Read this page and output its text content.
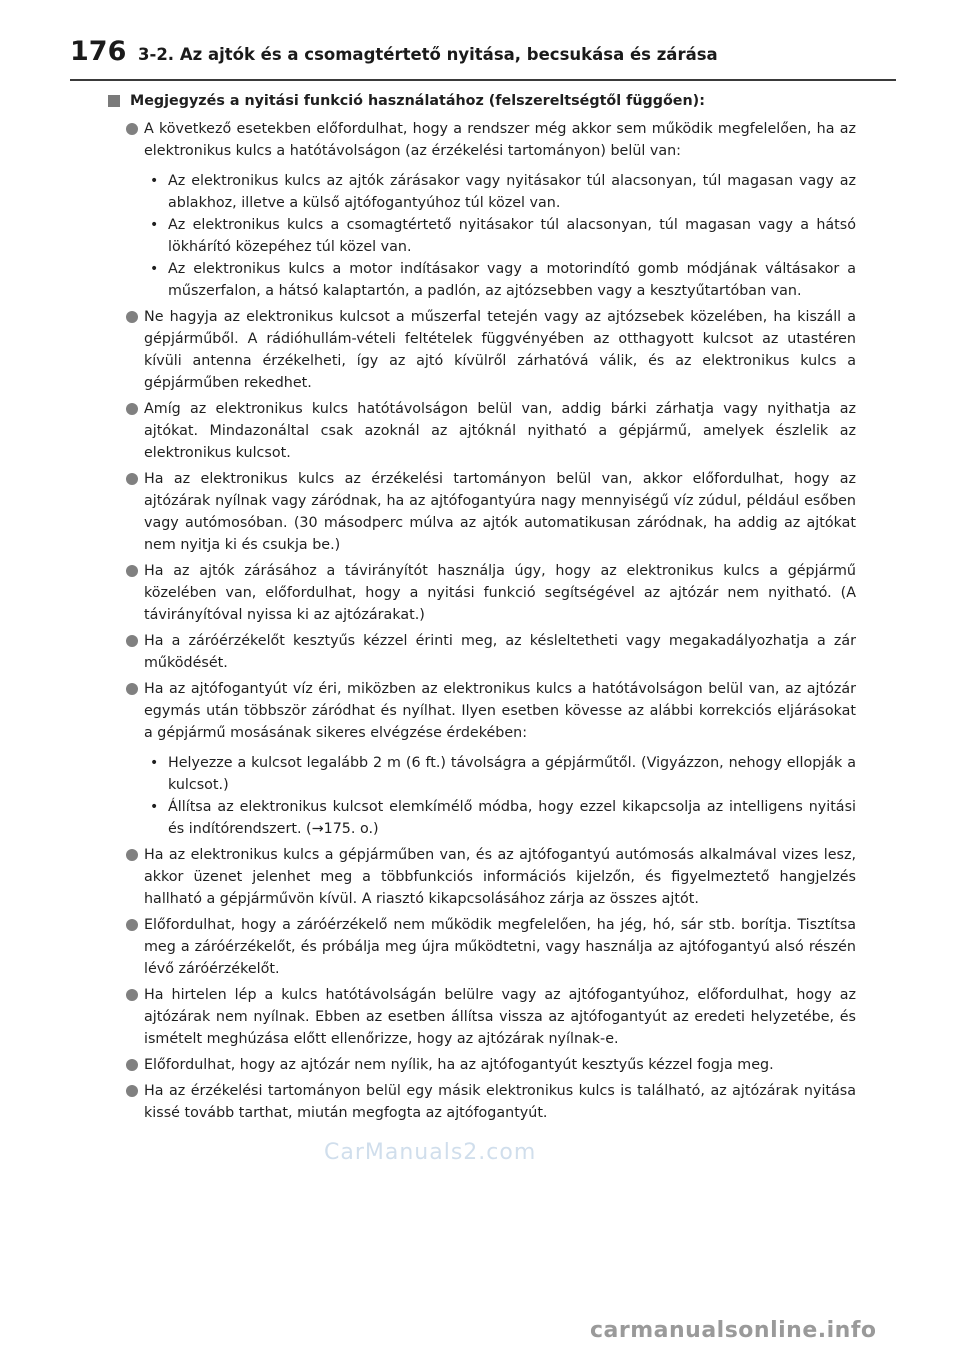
176 3-2. Az ajtók és a csomagtértető nyitása, becsukása és zárása
Megjegyzés a nyitási funkció használatához (felszereltségtől függően):
A következő esetekben előfordulhat, hogy a rendszer még akkor sem működik megfelelően, ha az elektronikus kulcs a hatótávolságon (az érzékelési tartományon) belül van:
• Az elektronikus kulcs az ajtók zárásakor vagy nyitásakor túl alacsonyan, túl magasan vagy az ablakhoz, illetve a külső ajtófogantyúhoz túl közel van.
• Az elektronikus kulcs a csomagtértető nyitásakor túl alacsonyan, túl magasan vagy a hátsó lökhárító közepéhez túl közel van.
• Az elektronikus kulcs a motor indításakor vagy a motorindító gomb módjának váltásakor a műszerfalon, a hátsó kalaptartón, a padlón, az ajtózsebben vagy a kesztyűtartóban van.
Ne hagyja az elektronikus kulcsot a műszerfal tetején vagy az ajtózsebek közelében, ha kiszáll a gépjárműből. A rádióhullám-vételi feltételek függvényében az otthagyott kulcsot az utastéren kívüli antenna érzékelheti, így az ajtó kívülről zárhatóvá válik, és az elektronikus kulcs a gépjárműben rekedhet.
Amíg az elektronikus kulcs hatótávolságon belül van, addig bárki zárhatja vagy nyithatja az ajtókat. Mindazonáltal csak azoknál az ajtóknál nyitható a gépjármű, amelyek észlelik az elektronikus kulcsot.
Ha az elektronikus kulcs az érzékelési tartományon belül van, akkor előfordulhat, hogy az ajtózárak nyílnak vagy záródnak, ha az ajtófogantyúra nagy mennyiségű víz zúdul, például esőben vagy autómosóban. (30 másodperc múlva az ajtók automatikusan záródnak, ha addig az ajtókat nem nyitja ki és csukja be.)
Ha az ajtók zárásához a távirányítót használja úgy, hogy az elektronikus kulcs a gépjármű közelében van, előfordulhat, hogy a nyitási funkció segítségével az ajtózár nem nyitható. (A távirányítóval nyissa ki az ajtózárakat.)
Ha a záróérzékelőt kesztyűs kézzel érinti meg, az késleltetheti vagy megakadályozhatja a zár működését.
Ha az ajtófogantyút víz éri, miközben az elektronikus kulcs a hatótávolságon belül van, az ajtózár egymás után többször záródhat és nyílhat. Ilyen esetben kövesse az alábbi korrekciós eljárásokat a gépjármű mosásának sikeres elvégzése érdekében:
• Helyezze a kulcsot legalább 2 m (6 ft.) távolságra a gépjárműtől. (Vigyázzon, nehogy ellopják a kulcsot.)
• Állítsa az elektronikus kulcsot elemkímélő módba, hogy ezzel kikapcsolja az intelligens nyitási és indítórendszert. (→175. o.)
Ha az elektronikus kulcs a gépjárműben van, és az ajtófogantyú autómosás alkalmával vizes lesz, akkor üzenet jelenhet meg a többfunkciós információs kijelzőn, és figyelmeztető hangjelzés hallható a gépjárművön kívül. A riasztó kikapcsolásához zárja az összes ajtót.
Előfordulhat, hogy a záróérzékelő nem működik megfelelően, ha jég, hó, sár stb. borítja. Tisztítsa meg a záróérzékelőt, és próbálja meg újra működtetni, vagy használja az ajtófogantyú alsó részén lévő záróérzékelőt.
Ha hirtelen lép a kulcs hatótávolságán belülre vagy az ajtófogantyúhoz, előfordulhat, hogy az ajtózárak nem nyílnak. Ebben az esetben állítsa vissza az ajtófogantyút az eredeti helyzetébe, és ismételt meghúzása előtt ellenőrizze, hogy az ajtózárak nyílnak-e.
Előfordulhat, hogy az ajtózár nem nyílik, ha az ajtófogantyút kesztyűs kézzel fogja meg.
Ha az érzékelési tartományon belül egy másik elektronikus kulcs is található, az ajtózárak nyitása kissé tovább tarthat, miután megfogta az ajtófogantyút.
CarManuals2.com
carmanualsonline.info
